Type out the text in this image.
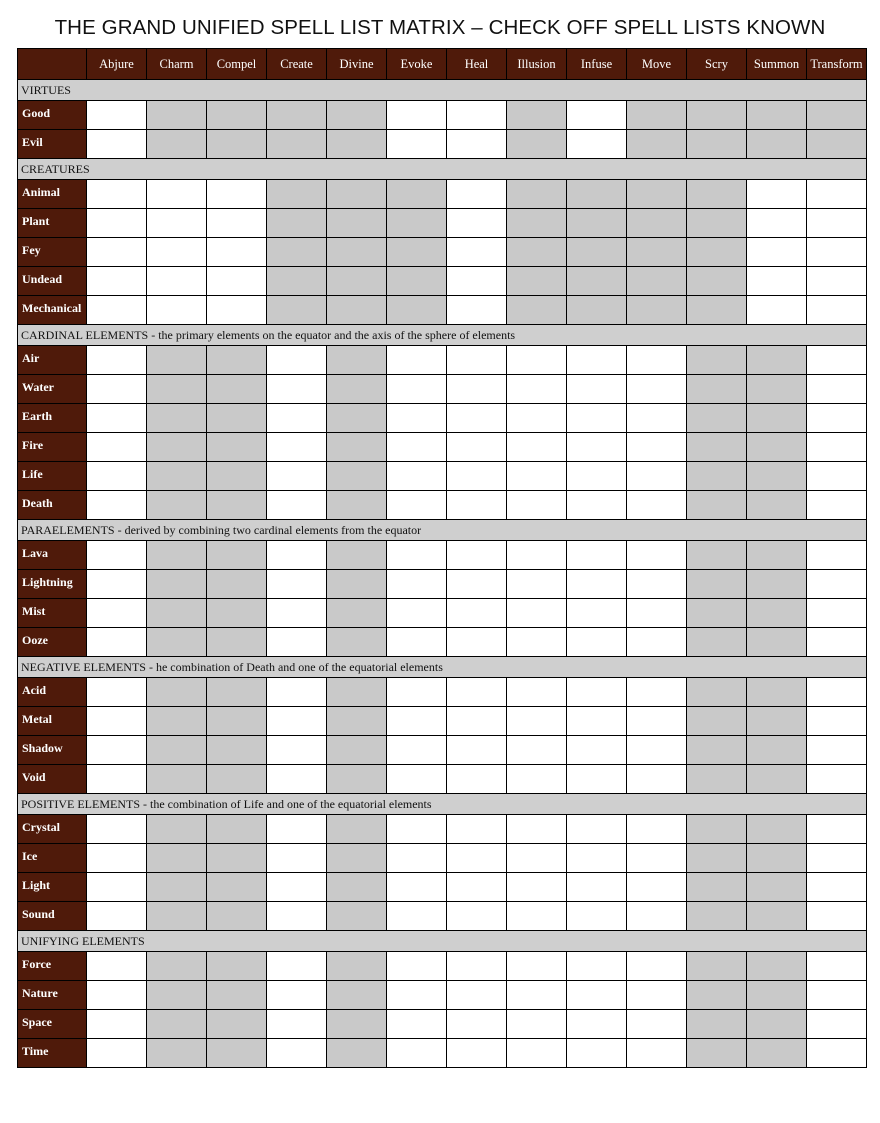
THE GRAND UNIFIED SPELL LIST MATRIX – CHECK OFF SPELL LISTS KNOWN
	Abjure	Charm	Compel	Create	Divine	Evoke	Heal	Illusion	Infuse	Move	Scry	Summon	Transform
VIRTUES													
Good													
Evil													
CREATURES													
Animal													
Plant													
Fey													
Undead													
Mechanical													
CARDINAL ELEMENTS - the primary elements on the equator and the axis of the sphere of elements													
Air													
Water													
Earth													
Fire													
Life													
Death													
PARAELEMENTS - derived by combining two cardinal elements from the equator													
Lava													
Lightning													
Mist													
Ooze													
NEGATIVE ELEMENTS - he combination of Death and one of the equatorial elements													
Acid													
Metal													
Shadow													
Void													
POSITIVE ELEMENTS - the combination of Life and one of the equatorial elements													
Crystal													
Ice													
Light													
Sound													
UNIFYING ELEMENTS													
Force													
Nature													
Space													
Time													
